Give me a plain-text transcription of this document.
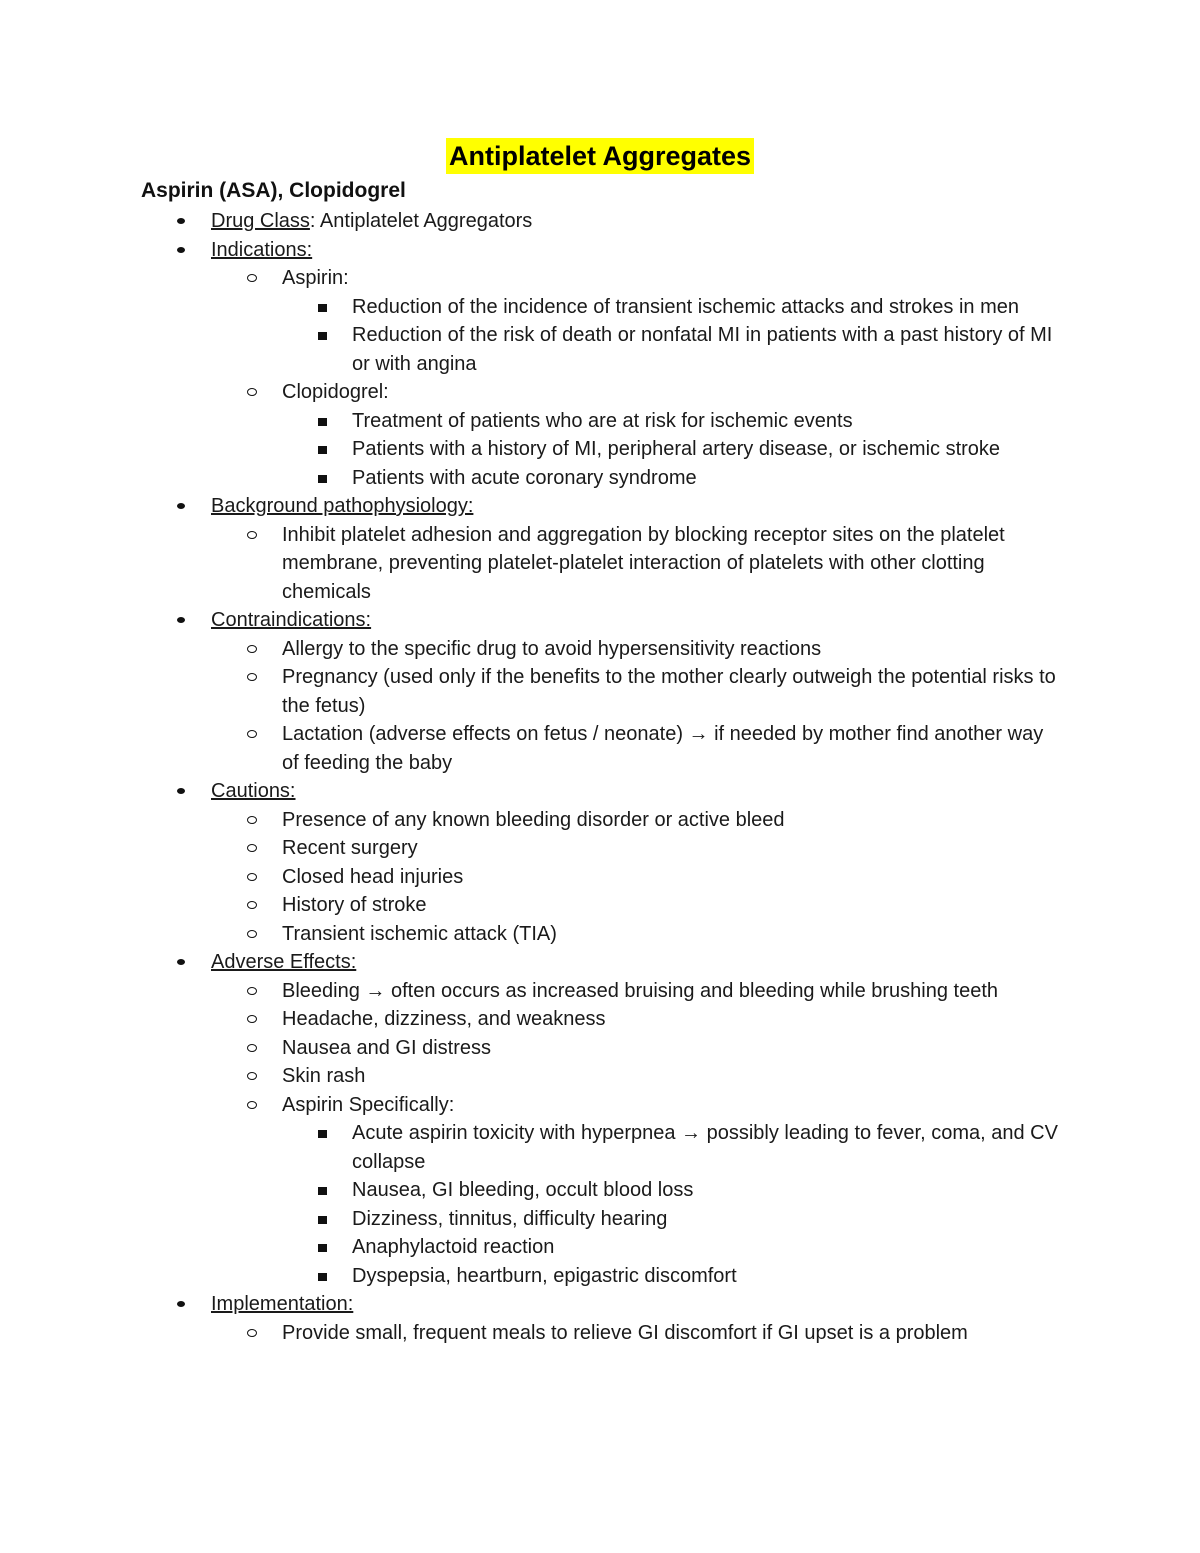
Antiplatelet Aggregates
Aspirin (ASA), Clopidogrel
Drug Class: Antiplatelet Aggregators
Indications:
Aspirin:
Reduction of the incidence of transient ischemic attacks and strokes in men
Reduction of the risk of death or nonfatal MI in patients with a past history of MI or with angina
Clopidogrel:
Treatment of patients who are at risk for ischemic events
Patients with a history of MI, peripheral artery disease, or ischemic stroke
Patients with acute coronary syndrome
Background pathophysiology:
Inhibit platelet adhesion and aggregation by blocking receptor sites on the platelet membrane, preventing platelet-platelet interaction of platelets with other clotting chemicals
Contraindications:
Allergy to the specific drug to avoid hypersensitivity reactions
Pregnancy (used only if the benefits to the mother clearly outweigh the potential risks to the fetus)
Lactation (adverse effects on fetus / neonate) → if needed by mother find another way of feeding the baby
Cautions:
Presence of any known bleeding disorder or active bleed
Recent surgery
Closed head injuries
History of stroke
Transient ischemic attack (TIA)
Adverse Effects:
Bleeding → often occurs as increased bruising and bleeding while brushing teeth
Headache, dizziness, and weakness
Nausea and GI distress
Skin rash
Aspirin Specifically:
Acute aspirin toxicity with hyperpnea → possibly leading to fever, coma, and CV collapse
Nausea, GI bleeding, occult blood loss
Dizziness, tinnitus, difficulty hearing
Anaphylactoid reaction
Dyspepsia, heartburn, epigastric discomfort
Implementation:
Provide small, frequent meals to relieve GI discomfort if GI upset is a problem
